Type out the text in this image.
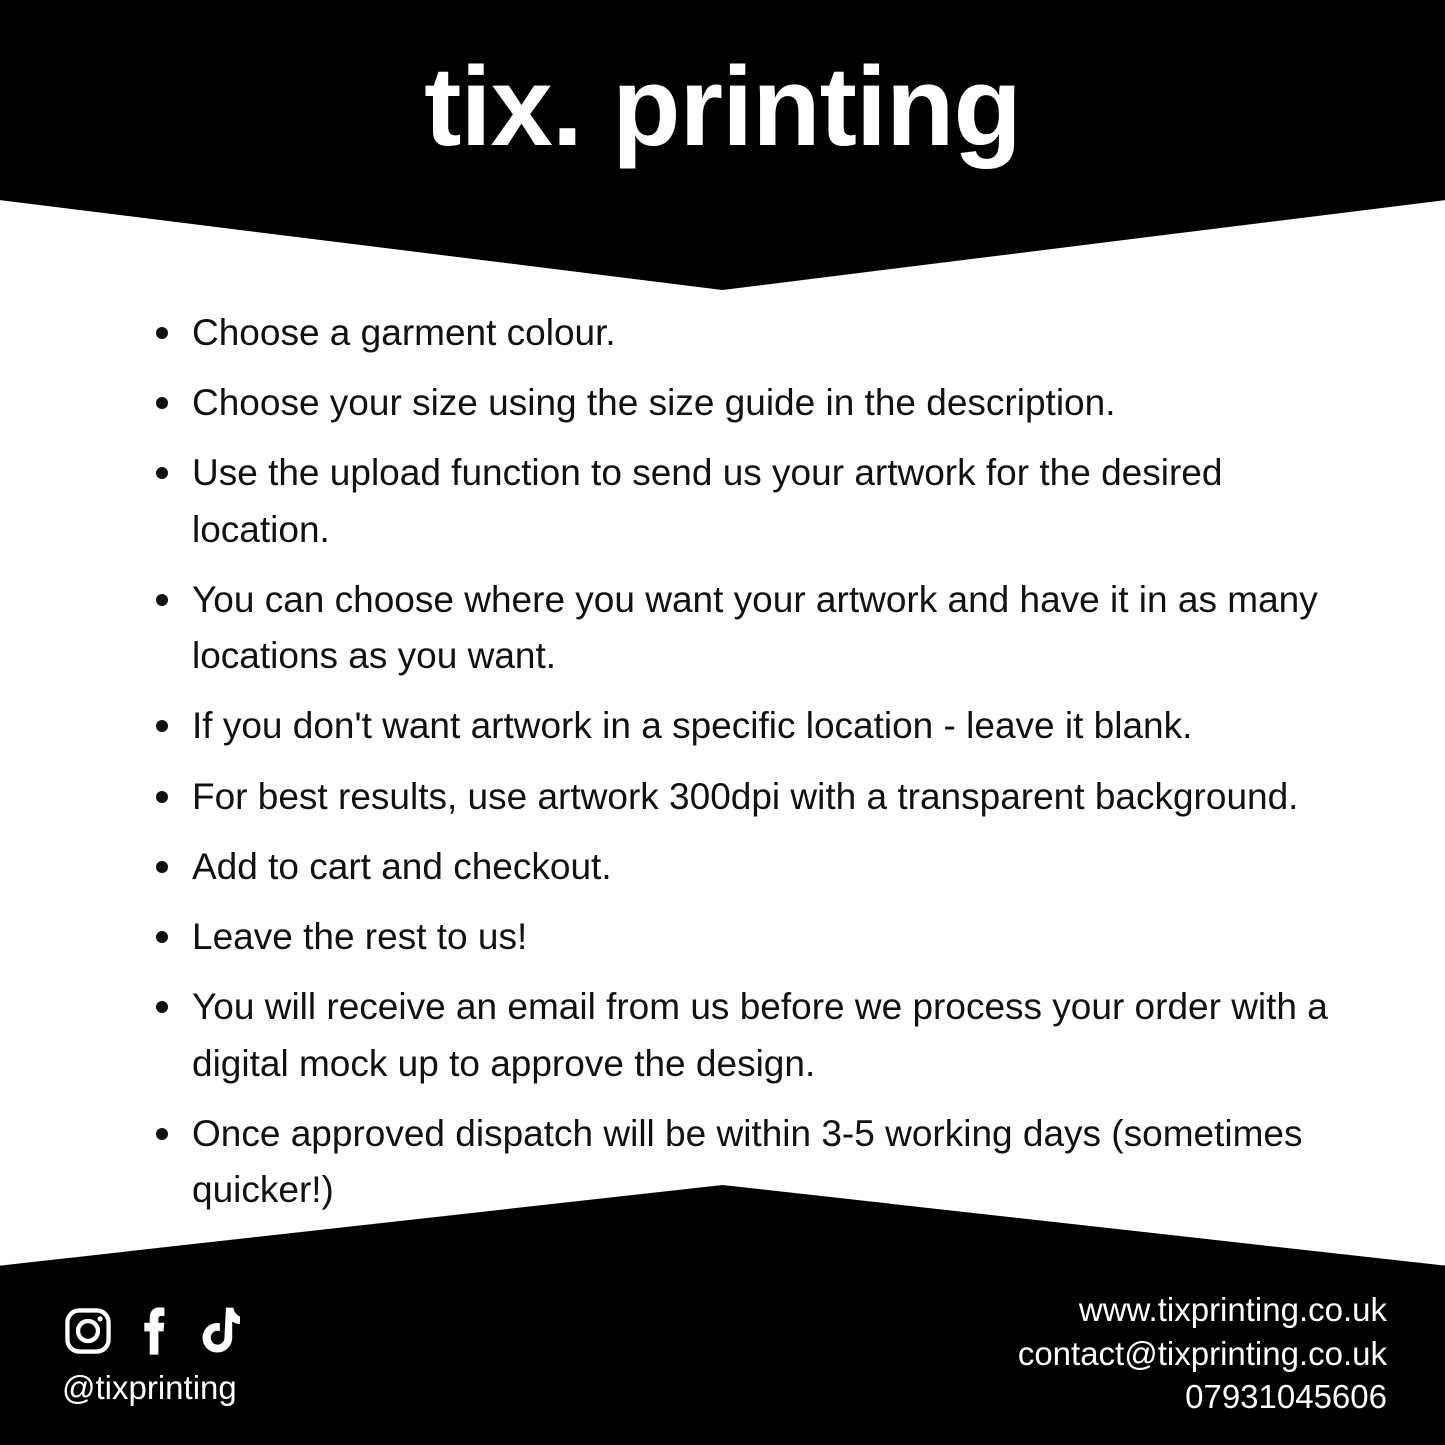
tix. printing
Choose a garment colour.
Choose your size using the size guide in the description.
Use the upload function to send us your artwork for the desired location.
You can choose where you want your artwork and have it in as many locations as you want.
If you don't want artwork in a specific location - leave it blank.
For best results, use artwork 300dpi with a transparent background.
Add to cart and checkout.
Leave the rest to us!
You will receive an email from us before we process your order with a digital mock up to approve the design.
Once approved dispatch will be within 3-5 working days (sometimes quicker!)
@tixprinting
www.tixprinting.co.uk
contact@tixprinting.co.uk
07931045606
